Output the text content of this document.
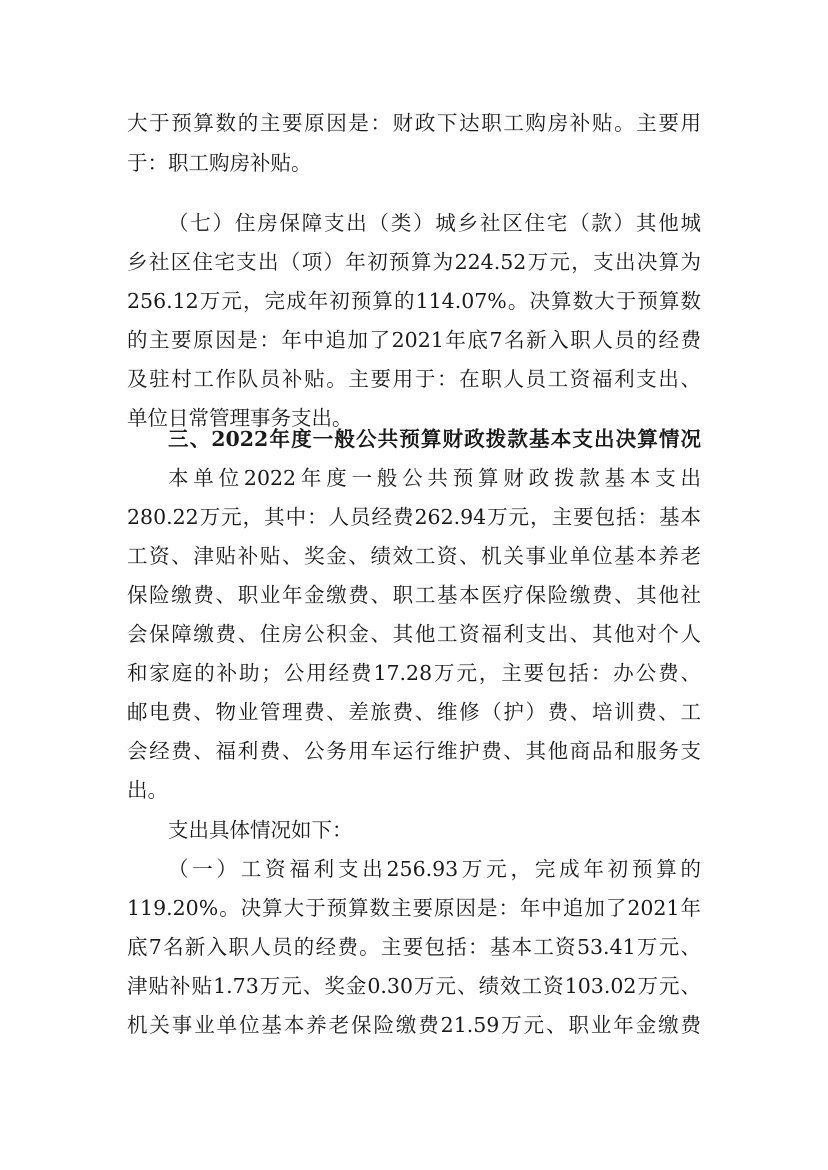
大于预算数的主要原因是：财政下达职工购房补贴。主要用
于：职工购房补贴。
（七）住房保障支出（类）城乡社区住宅（款）其他城
乡社区住宅支出（项）年初预算为224.52万元，支出决算为
256.12万元，完成年初预算的114.07%。决算数大于预算数
的主要原因是：年中追加了2021年底7名新入职人员的经费
及驻村工作队员补贴。主要用于：在职人员工资福利支出、
单位日常管理事务支出。
三、2022年度一般公共预算财政拨款基本支出决算情况
本单位2022年度一般公共预算财政拨款基本支出
280.22万元，其中：人员经费262.94万元，主要包括：基本
工资、津贴补贴、奖金、绩效工资、机关事业单位基本养老
保险缴费、职业年金缴费、职工基本医疗保险缴费、其他社
会保障缴费、住房公积金、其他工资福利支出、其他对个人
和家庭的补助；公用经费17.28万元，主要包括：办公费、
邮电费、物业管理费、差旅费、维修（护）费、培训费、工
会经费、福利费、公务用车运行维护费、其他商品和服务支
出。
支出具体情况如下：
（一）工资福利支出256.93万元，完成年初预算的
119.20%。决算大于预算数主要原因是：年中追加了2021年
底7名新入职人员的经费。主要包括：基本工资53.41万元、
津贴补贴1.73万元、奖金0.30万元、绩效工资103.02万元、
机关事业单位基本养老保险缴费21.59万元、职业年金缴费
